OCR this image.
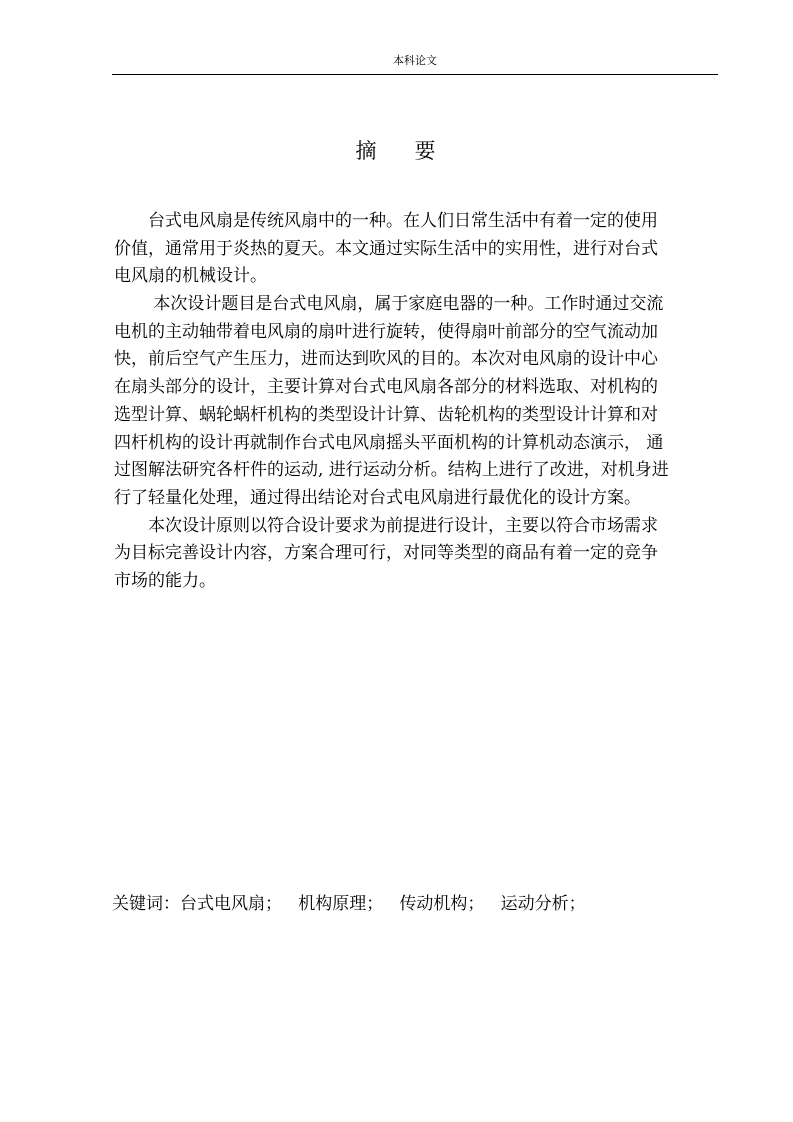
本科论文
摘 要
　　台式电风扇是传统风扇中的一种。在人们日常生活中有着一定的使用
价值，通常用于炎热的夏天。本文通过实际生活中的实用性，进行对台式
电风扇的机械设计。
　　 本次设计题目是台式电风扇，属于家庭电器的一种。工作时通过交流
电机的主动轴带着电风扇的扇叶进行旋转，使得扇叶前部分的空气流动加
快，前后空气产生压力，进而达到吹风的目的。本次对电风扇的设计中心
在扇头部分的设计，主要计算对台式电风扇各部分的材料选取、对机构的
选型计算、蜗轮蜗杆机构的类型设计计算、齿轮机构的类型设计计算和对
四杆机构的设计再就制作台式电风扇摇头平面机构的计算机动态演示， 通
过图解法研究各杆件的运动, 进行运动分析。结构上进行了改进，对机身进
行了轻量化处理，通过得出结论对台式电风扇进行最优化的设计方案。
　　本次设计原则以符合设计要求为前提进行设计，主要以符合市场需求
为目标完善设计内容，方案合理可行，对同等类型的商品有着一定的竞争
市场的能力。
关键词：台式电风扇； 机构原理； 传动机构； 运动分析；
